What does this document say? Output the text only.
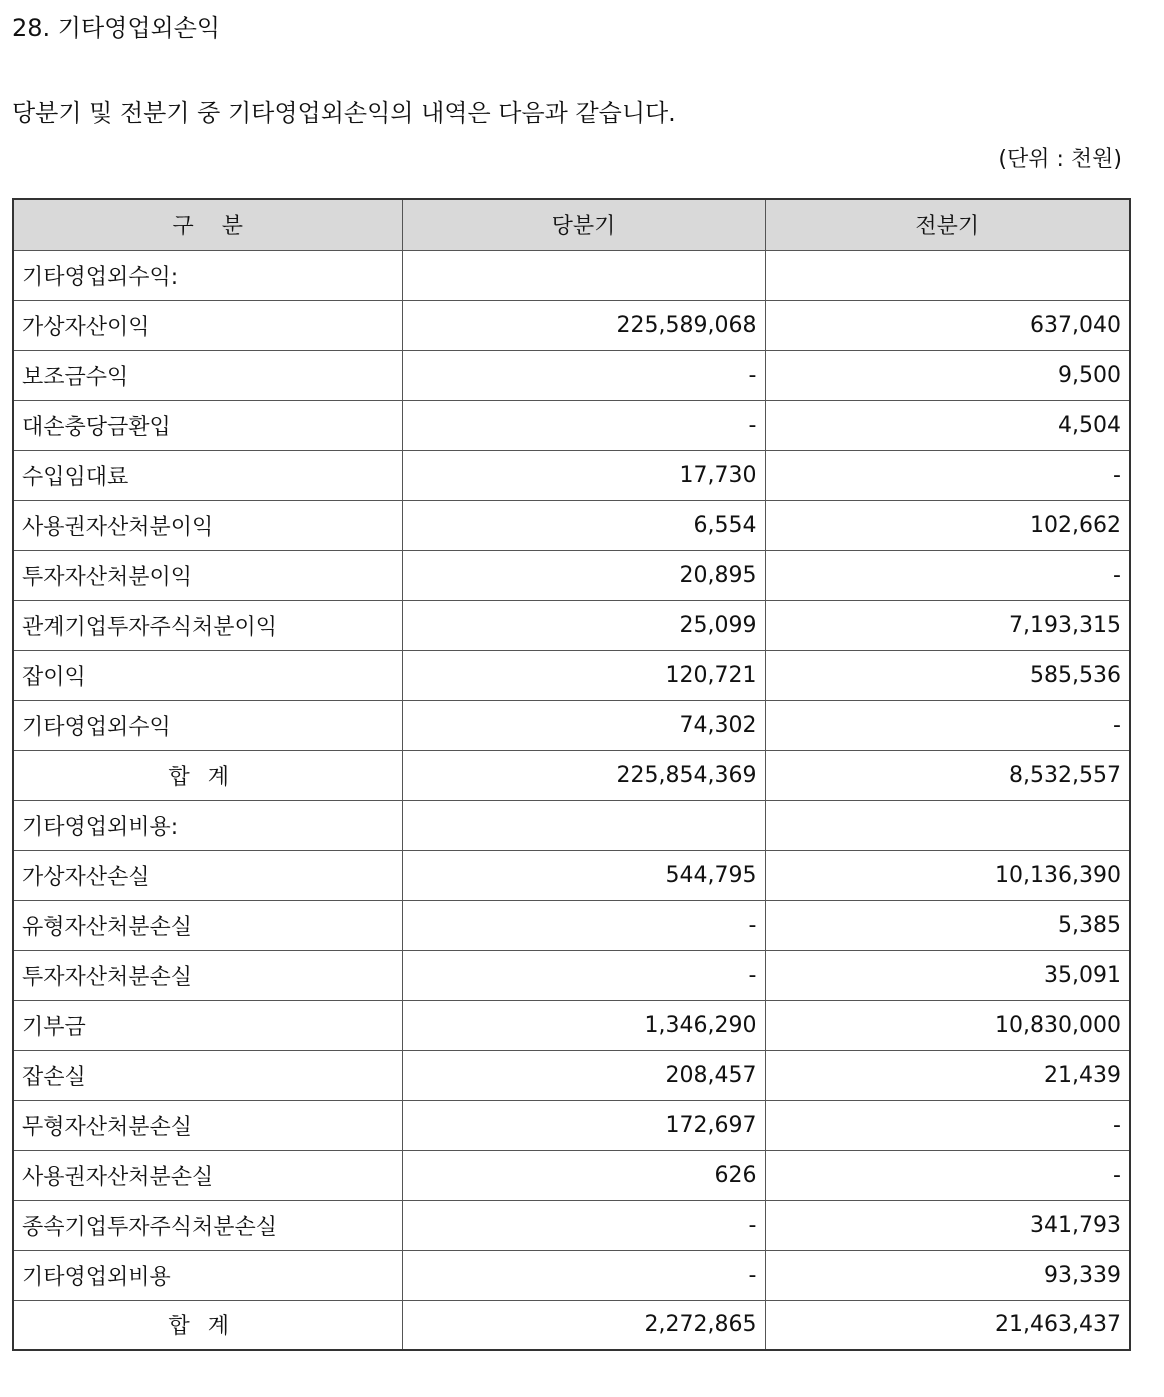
28. 기타영업외손익
당분기 및 전분기 중 기타영업외손익의 내역은 다음과 같습니다.
(단위 : 천원)
구    분	당분기	전분기
기타영업외수익:		
가상자산이익	225,589,068	637,040
보조금수익	-	9,500
대손충당금환입	-	4,504
수입임대료	17,730	-
사용권자산처분이익	6,554	102,662
투자자산처분이익	20,895	-
관계기업투자주식처분이익	25,099	7,193,315
잡이익	120,721	585,536
기타영업외수익	74,302	-
합계	225,854,369	8,532,557
기타영업외비용:		
가상자산손실	544,795	10,136,390
유형자산처분손실	-	5,385
투자자산처분손실	-	35,091
기부금	1,346,290	10,830,000
잡손실	208,457	21,439
무형자산처분손실	172,697	-
사용권자산처분손실	626	-
종속기업투자주식처분손실	-	341,793
기타영업외비용	-	93,339
합계	2,272,865	21,463,437
